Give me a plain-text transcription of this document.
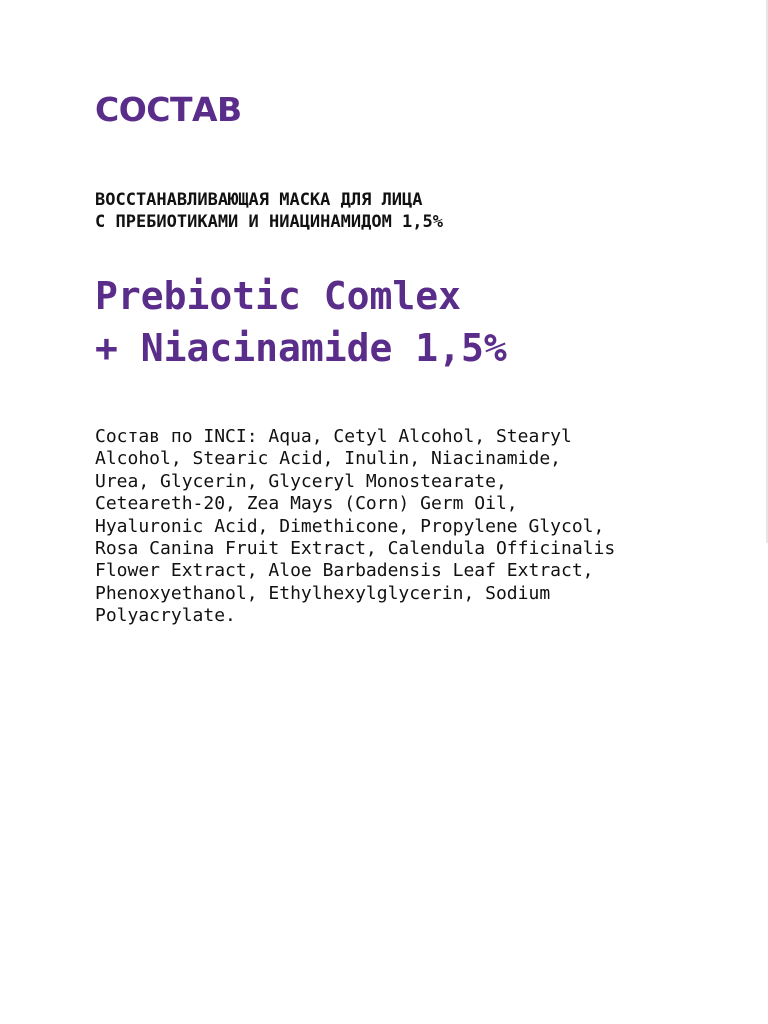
СОСТАВ

ВОССТАНАВЛИВАЮЩАЯ МАСКА ДЛЯ ЛИЦА
С ПРЕБИОТИКАМИ И НИАЦИНАМИДОМ 1,5%

Prebiotic Comlex
+ Niacinamide 1,5%

Состав по INCI: Aqua, Cetyl Alcohol, Stearyl
Alcohol, Stearic Acid, Inulin, Niacinamide,
Urea, Glycerin, Glyceryl Monostearate,
Ceteareth-20, Zea Mays (Corn) Germ Oil,
Hyaluronic Acid, Dimethicone, Propylene Glycol,
Rosa Canina Fruit Extract, Calendula Officinalis
Flower Extract, Aloe Barbadensis Leaf Extract,
Phenoxyethanol, Ethylhexylglycerin, Sodium
Polyacrylate.
